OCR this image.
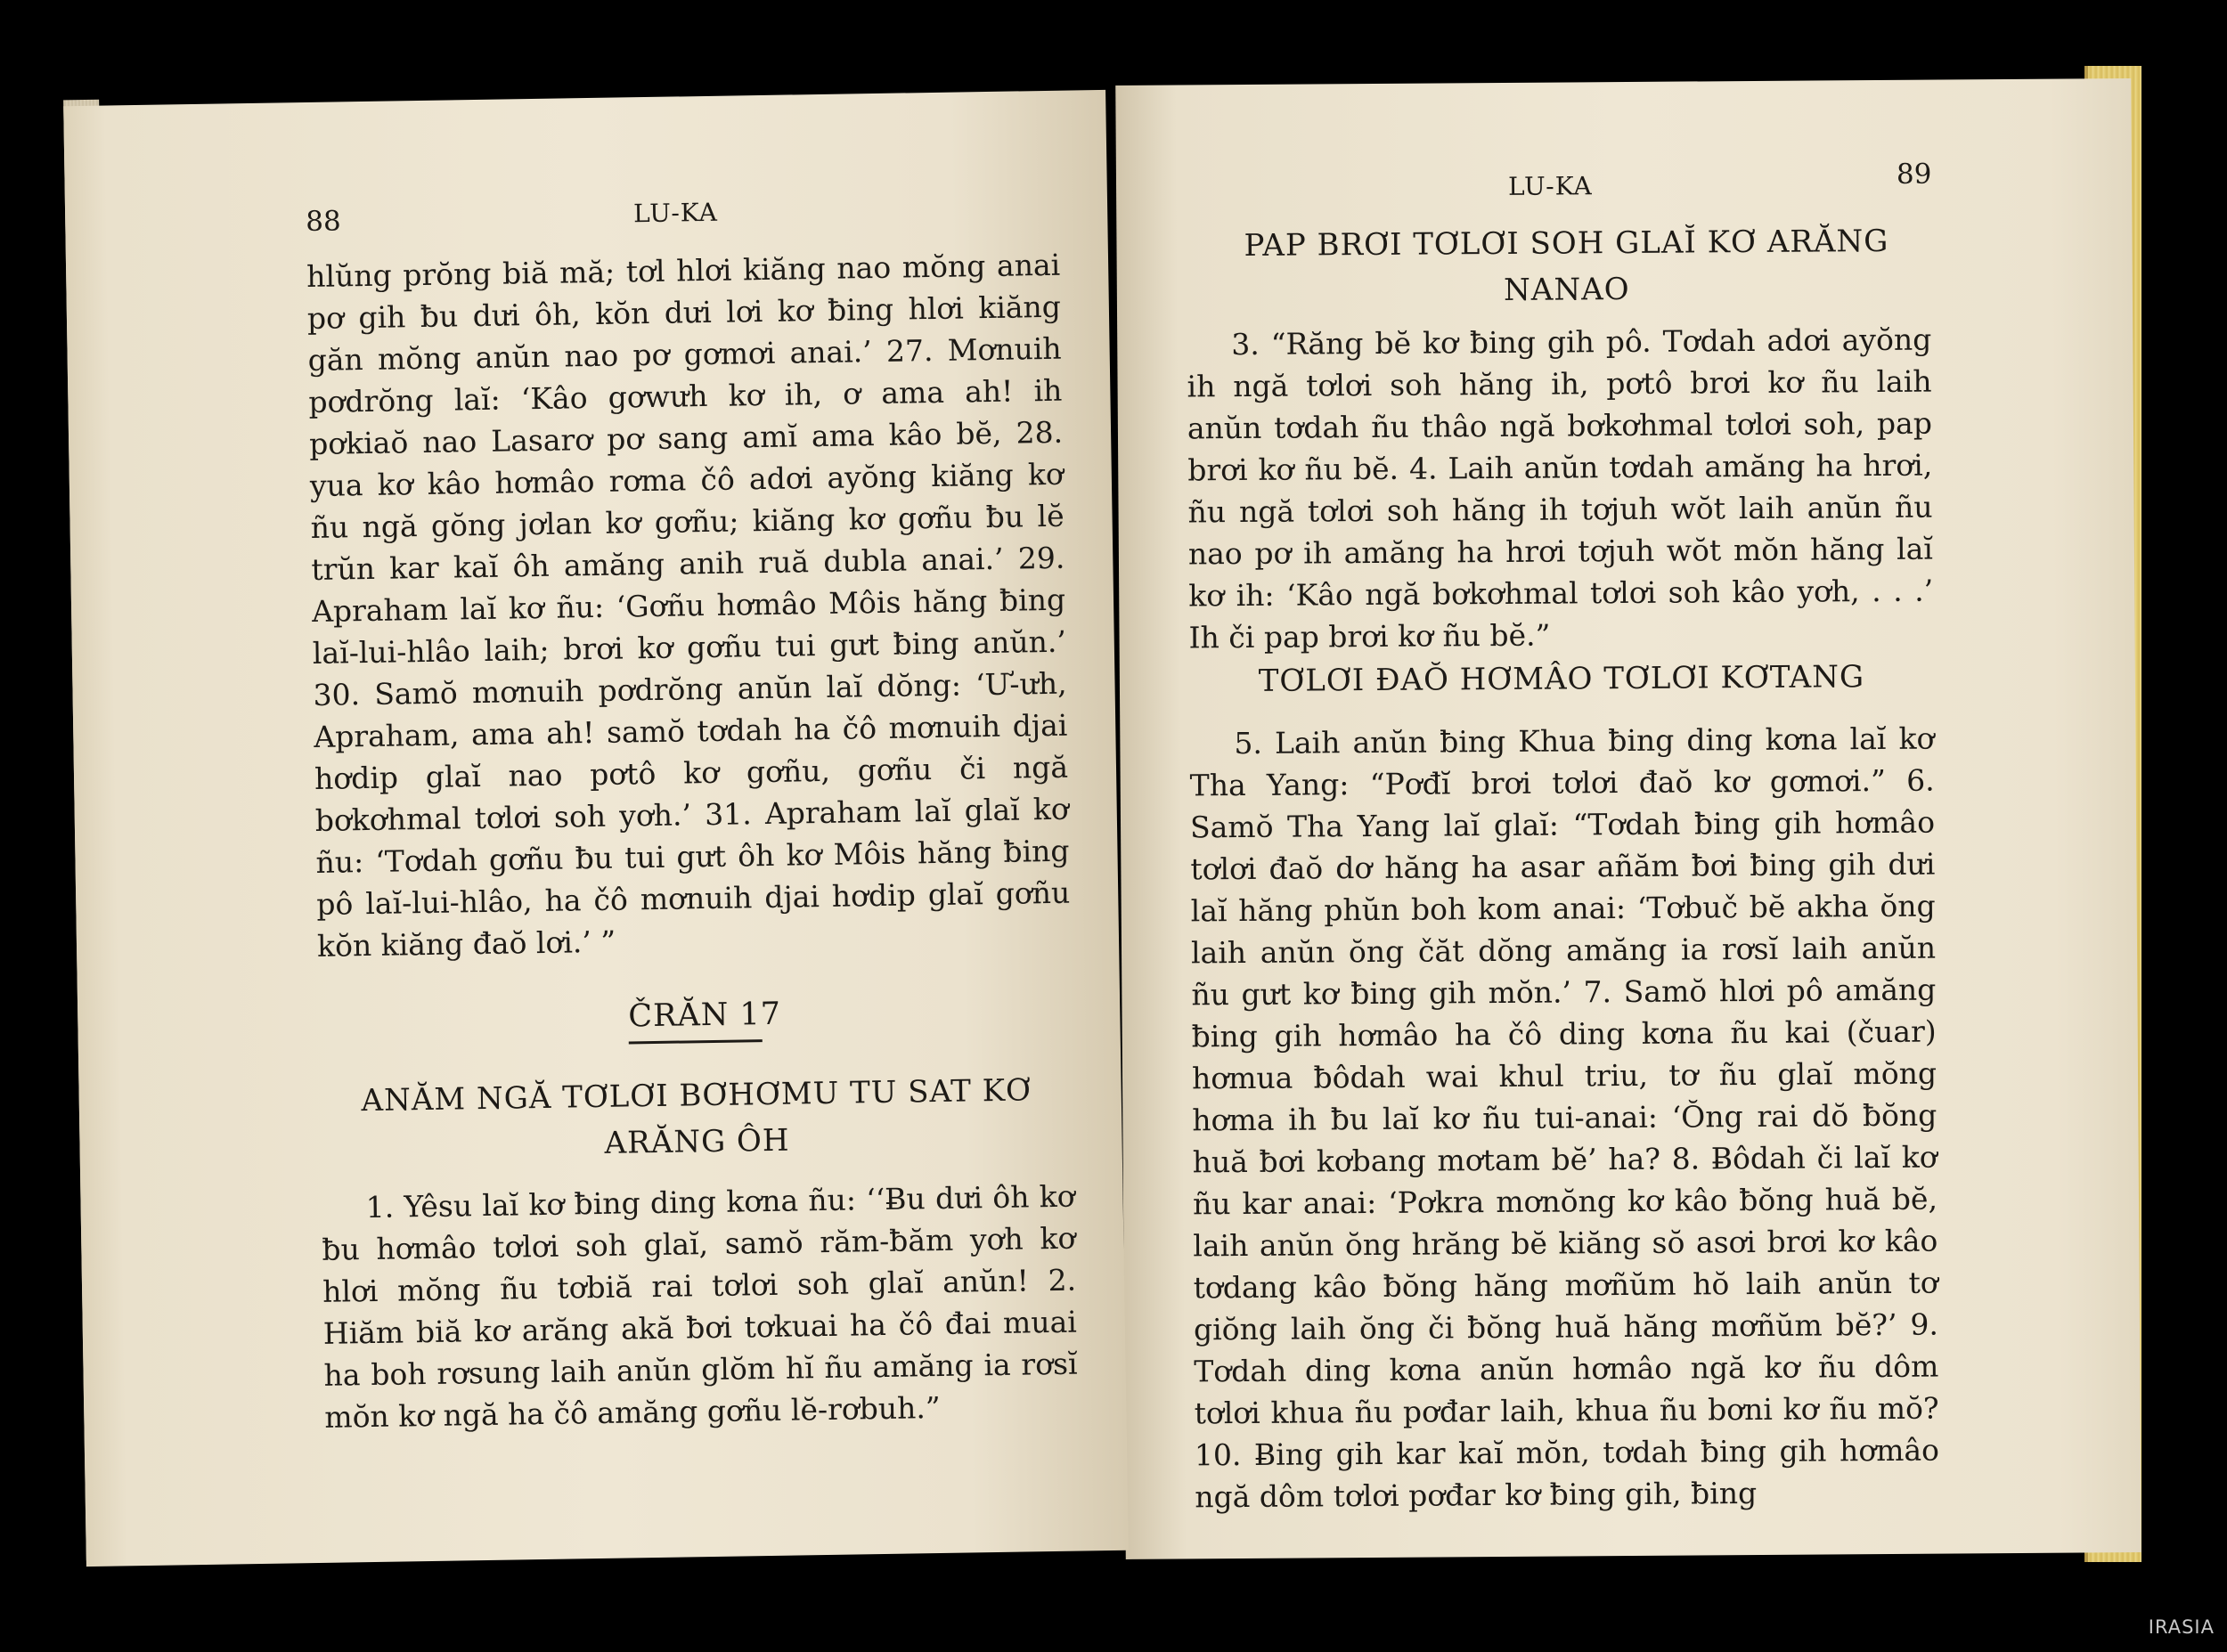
LU-KA	89
PAP BRƠI TƠLƠI SOH GLAĬ KƠ ARĂNG NANAO

3. “Răng bĕ kơ ƀing gih pô. Tơdah adơi ayŏng ih ngă tơlơi soh hăng ih, pơtô brơi kơ ñu laih anŭn tơdah ñu thâo ngă bơkơhmal tơlơi soh, pap brơi kơ ñu bĕ. 4. Laih anŭn tơdah amăng ha hrơi, ñu ngă tơlơi soh hăng ih tơjuh wŏt laih anŭn ñu nao pơ ih amăng ha hrơi tơjuh wŏt mŏn hăng laĭ kơ ih: ‘Kâo ngă bơkơhmal tơlơi soh kâo yơh, . . .’ Ih či pap brơi kơ ñu bĕ.”

TƠLƠI ĐAŎ HƠMÂO TƠLƠI KƠTANG

5. Laih anŭn ƀing Khua ƀing ding kơna laĭ kơ Tha Yang: “Pơđĭ brơi tơlơi đaŏ kơ gơmơi.” 6. Samŏ Tha Yang laĭ glaĭ: “Tơdah ƀing gih hơmâo tơlơi đaŏ dơ hăng ha asar añăm ƀơi ƀing gih dưi laĭ hăng phŭn boh kom anai: ‘Tơbuč bĕ akha ŏng laih anŭn ŏng čăt dŏng amăng ia rơsĭ laih anŭn ñu gưt kơ ƀing gih mŏn.’ 7. Samŏ hlơi pô amăng ƀing gih hơmâo ha čô ding kơna ñu kai (čuar) hơmua ƀôdah wai khul triu, tơ ñu glaĭ mŏng hơma ih ƀu laĭ kơ ñu tui-anai: ‘Ŏng rai dŏ ƀŏng huă ƀơi kơbang mơtam bĕ’ ha? 8. Ƀôdah či laĭ kơ ñu kar anai: ‘Pơkra mơnŏng kơ kâo ƀŏng huă bĕ, laih anŭn ŏng hrăng bĕ kiăng sŏ asơi brơi kơ kâo tơdang kâo ƀŏng hăng mơñŭm hŏ laih anŭn tơ giŏng laih ŏng či ƀŏng huă hăng mơñŭm bĕ?’ 9. Tơdah ding kơna anŭn hơmâo ngă kơ ñu dôm tơlơi khua ñu pơđar laih, khua ñu bơni kơ ñu mŏ? 10. Ƀing gih kar kaĭ mŏn, tơdah ƀing gih hơmâo ngă dôm tơlơi pơđar kơ ƀing gih, ƀing

88	LU-KA

hlŭng prŏng biă mă; tơl hlơi kiăng nao mŏng anai pơ gih ƀu dưi ôh, kŏn dưi lơi kơ ƀing hlơi kiăng găn mŏng anŭn nao pơ gơmơi anai.’ 27. Mơnuih pơdrŏng laĭ: ‘Kâo gơwưh kơ ih, ơ ama ah! ih pơkiaŏ nao Lasarơ pơ sang amĭ ama kâo bĕ, 28. yua kơ kâo hơmâo rơma čô adơi ayŏng kiăng kơ ñu ngă gŏng jơlan kơ gơñu; kiăng kơ gơñu ƀu lĕ trŭn kar kaĭ ôh amăng anih ruă dubla anai.’ 29. Apraham laĭ kơ ñu: ‘Gơñu hơmâo Môis hăng ƀing laĭ-lui-hlâo laih; brơi kơ gơñu tui gưt ƀing anŭn.’ 30. Samŏ mơnuih pơdrŏng anŭn laĭ dŏng: ‘Ư-ưh, Apraham, ama ah! samŏ tơdah ha čô mơnuih djai hơdip glaĭ nao pơtô kơ gơñu, gơñu či ngă bơkơhmal tơlơi soh yơh.’ 31. Apraham laĭ glaĭ kơ ñu: ‘Tơdah gơñu ƀu tui gưt ôh kơ Môis hăng ƀing pô laĭ-lui-hlâo, ha čô mơnuih djai hơdip glaĭ gơñu kŏn kiăng đaŏ lơi.’ ”

ČRĂN 17
ANĂM NGĂ TƠLƠI BƠHƠMU TU SAT KƠ ARĂNG ÔH

1. Yêsu laĭ kơ ƀing ding kơna ñu: ‘‘Ƀu dưi ôh kơ ƀu hơmâo tơlơi soh glaĭ, samŏ răm-ƀăm yơh kơ hlơi mŏng ñu tơbiă rai tơlơi soh glaĭ anŭn! 2. Hiăm biă kơ arăng akă ƀơi tơkuai ha čô đai muai ha boh rơsung laih anŭn glŏm hĭ ñu amăng ia rơsĭ mŏn kơ ngă ha čô amăng gơñu lĕ-rơbuh.”

IRASIA
